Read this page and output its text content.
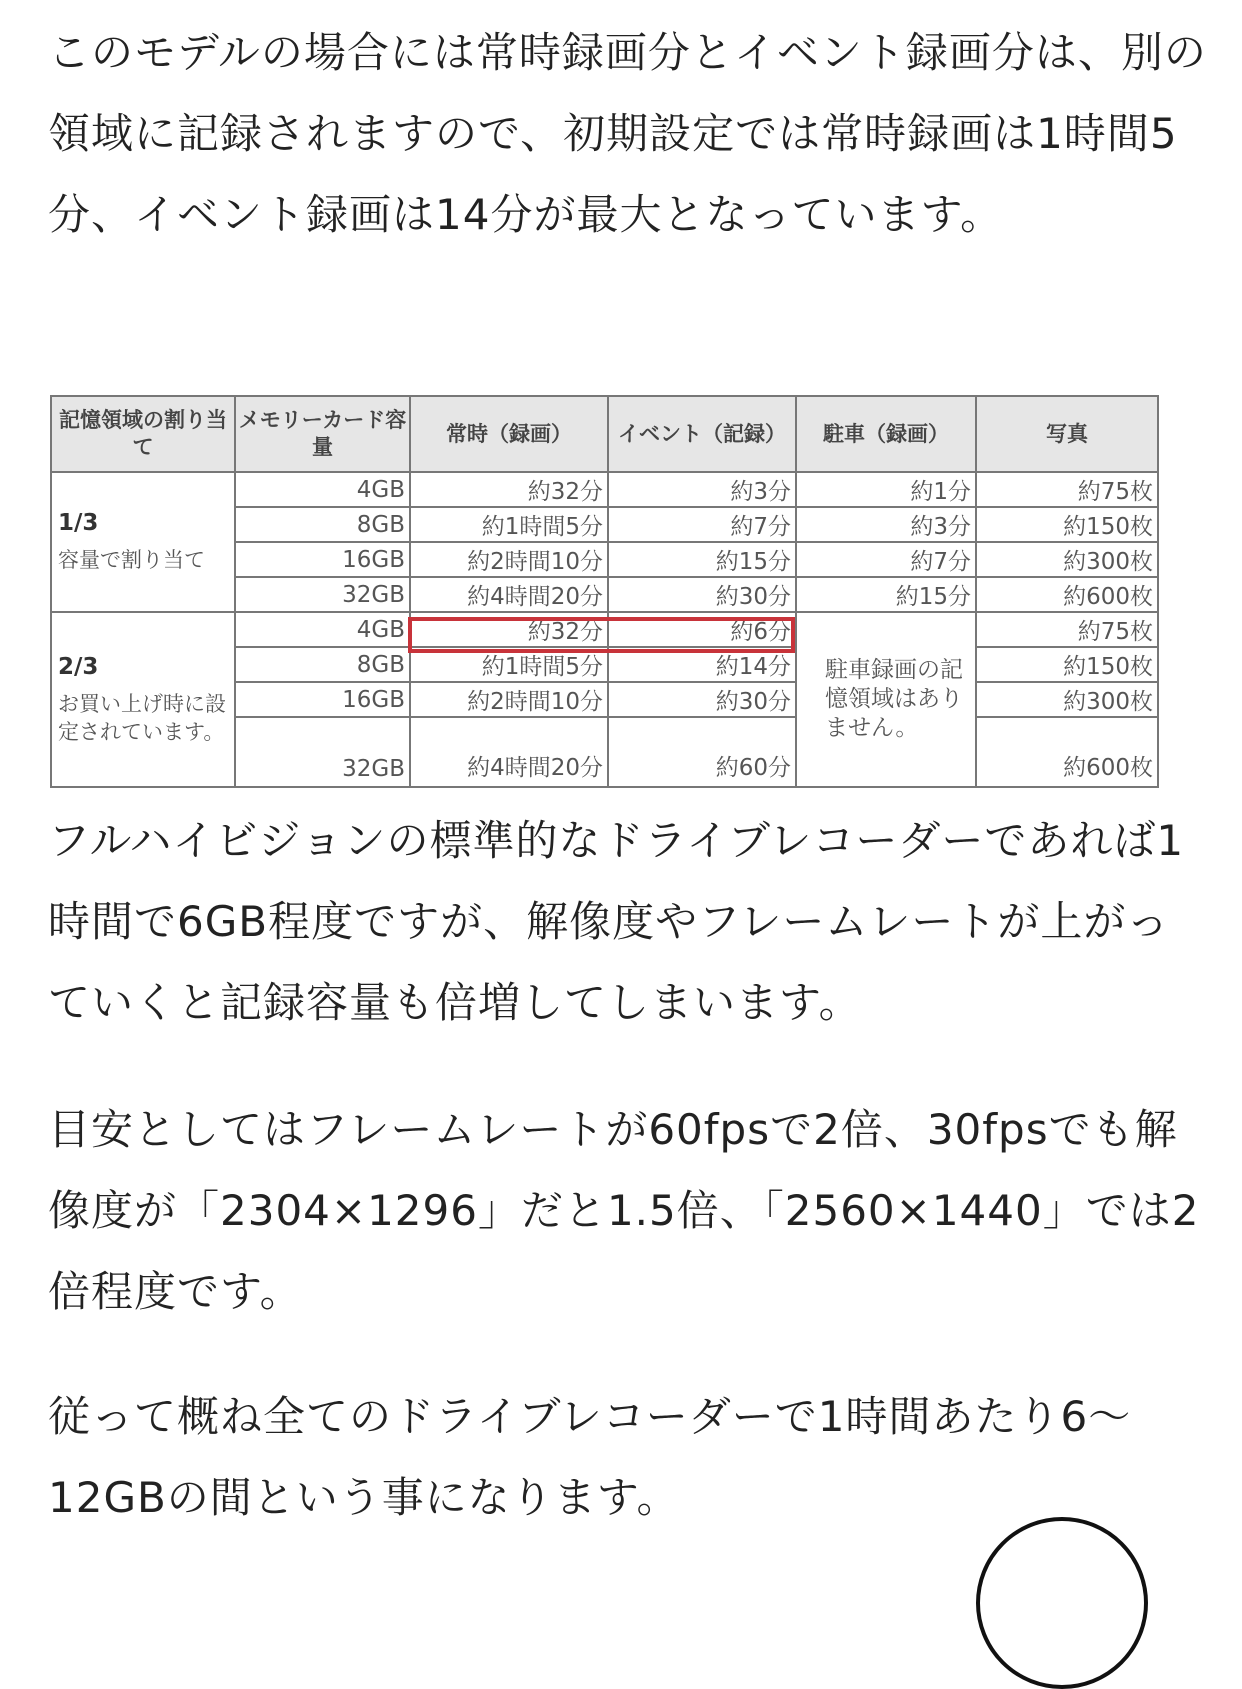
このモデルの場合には常時録画分とイベント録画分は、別の領域に記録されますので、初期設定では常時録画は1時間5分、イベント録画は14分が最大となっています。

記憶領域の割り当て	メモリーカード容量	常時（録画）	イベント（記録）	駐車（録画）	写真

1/3
容量で割り当て	4GB	約32分	約3分	約1分	約75枚
	8GB	約1時間5分	約7分	約3分	約150枚
	16GB	約2時間10分	約15分	約7分	約300枚
	32GB	約4時間20分	約30分	約15分	約600枚

2/3
お買い上げ時に設定されています。	4GB	約32分	約6分	駐車録画の記憶領域はありません。	約75枚
	8GB	約1時間5分	約14分		約150枚
	16GB	約2時間10分	約30分		約300枚
	32GB	約4時間20分	約60分		約600枚

フルハイビジョンの標準的なドライブレコーダーであれば1時間で6GB程度ですが、解像度やフレームレートが上がっていくと記録容量も倍増してしまいます。

目安としてはフレームレートが60fpsで2倍、30fpsでも解像度が「2304×1296」だと1.5倍、「2560×1440」では2倍程度です。

従って概ね全てのドライブレコーダーで1時間あたり6～12GBの間という事になります。
